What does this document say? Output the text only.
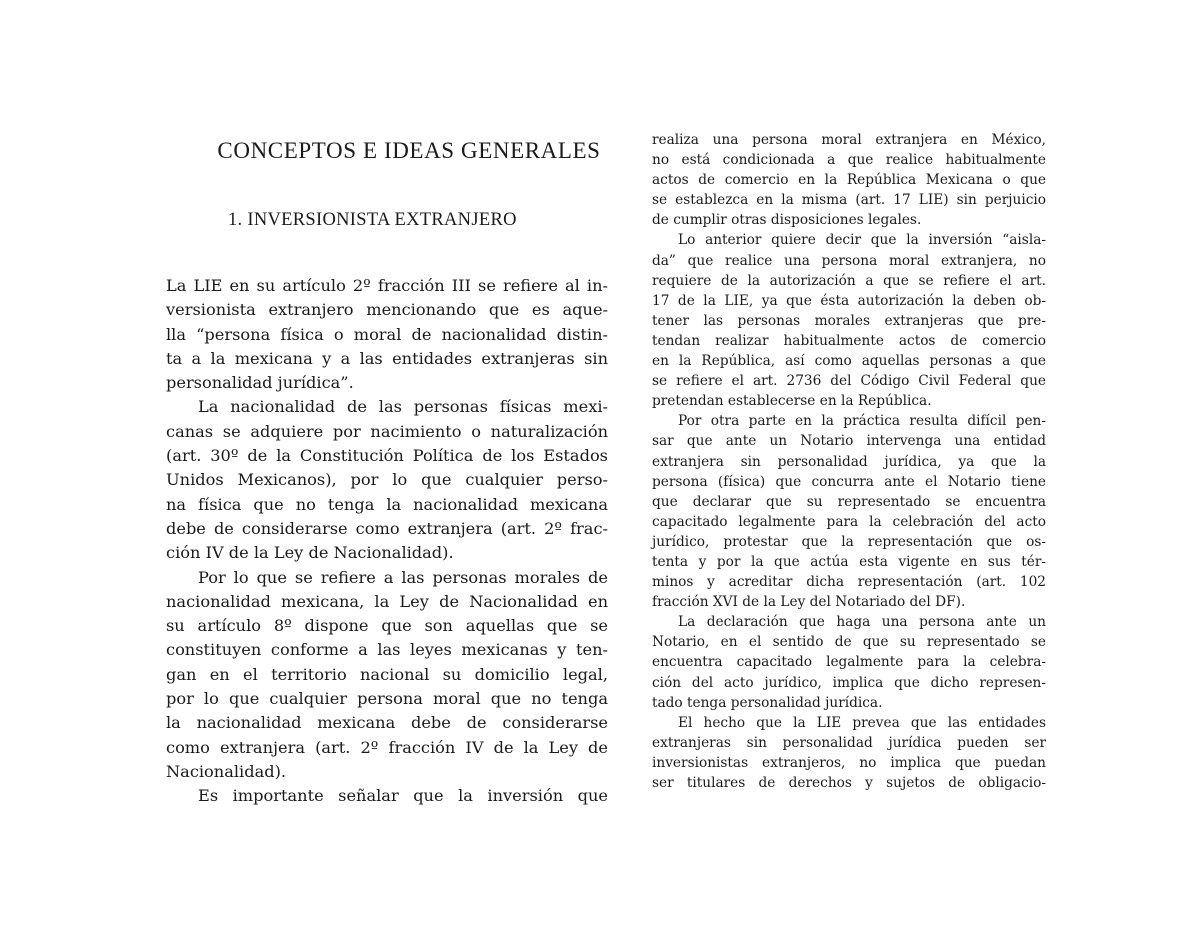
CONCEPTOS E IDEAS GENERALES
1. INVERSIONISTA EXTRANJERO
La LIE en su artículo 2º fracción III se refiere al in-
versionista extranjero mencionando que es aque-
lla “persona física o moral de nacionalidad distin-
ta a la mexicana y a las entidades extranjeras sin
personalidad jurídica”.
La nacionalidad de las personas físicas mexi-
canas se adquiere por nacimiento o naturalización
(art. 30º de la Constitución Política de los Estados
Unidos Mexicanos), por lo que cualquier perso-
na física que no tenga la nacionalidad mexicana
debe de considerarse como extranjera (art. 2º frac-
ción IV de la Ley de Nacionalidad).
Por lo que se refiere a las personas morales de
nacionalidad mexicana, la Ley de Nacionalidad en
su artículo 8º dispone que son aquellas que se
constituyen conforme a las leyes mexicanas y ten-
gan en el territorio nacional su domicilio legal,
por lo que cualquier persona moral que no tenga
la nacionalidad mexicana debe de considerarse
como extranjera (art. 2º fracción IV de la Ley de
Nacionalidad).
Es importante señalar que la inversión que
realiza una persona moral extranjera en México,
no está condicionada a que realice habitualmente
actos de comercio en la República Mexicana o que
se establezca en la misma (art. 17 LIE) sin perjuicio
de cumplir otras disposiciones legales.
Lo anterior quiere decir que la inversión “aisla-
da” que realice una persona moral extranjera, no
requiere de la autorización a que se refiere el art.
17 de la LIE, ya que ésta autorización la deben ob-
tener las personas morales extranjeras que pre-
tendan realizar habitualmente actos de comercio
en la República, así como aquellas personas a que
se refiere el art. 2736 del Código Civil Federal que
pretendan establecerse en la República.
Por otra parte en la práctica resulta difícil pen-
sar que ante un Notario intervenga una entidad
extranjera sin personalidad jurídica, ya que la
persona (física) que concurra ante el Notario tiene
que declarar que su representado se encuentra
capacitado legalmente para la celebración del acto
jurídico, protestar que la representación que os-
tenta y por la que actúa esta vigente en sus tér-
minos y acreditar dicha representación (art. 102
fracción XVI de la Ley del Notariado del DF).
La declaración que haga una persona ante un
Notario, en el sentido de que su representado se
encuentra capacitado legalmente para la celebra-
ción del acto jurídico, implica que dicho represen-
tado tenga personalidad jurídica.
El hecho que la LIE prevea que las entidades
extranjeras sin personalidad jurídica pueden ser
inversionistas extranjeros, no implica que puedan
ser titulares de derechos y sujetos de obligacio-
